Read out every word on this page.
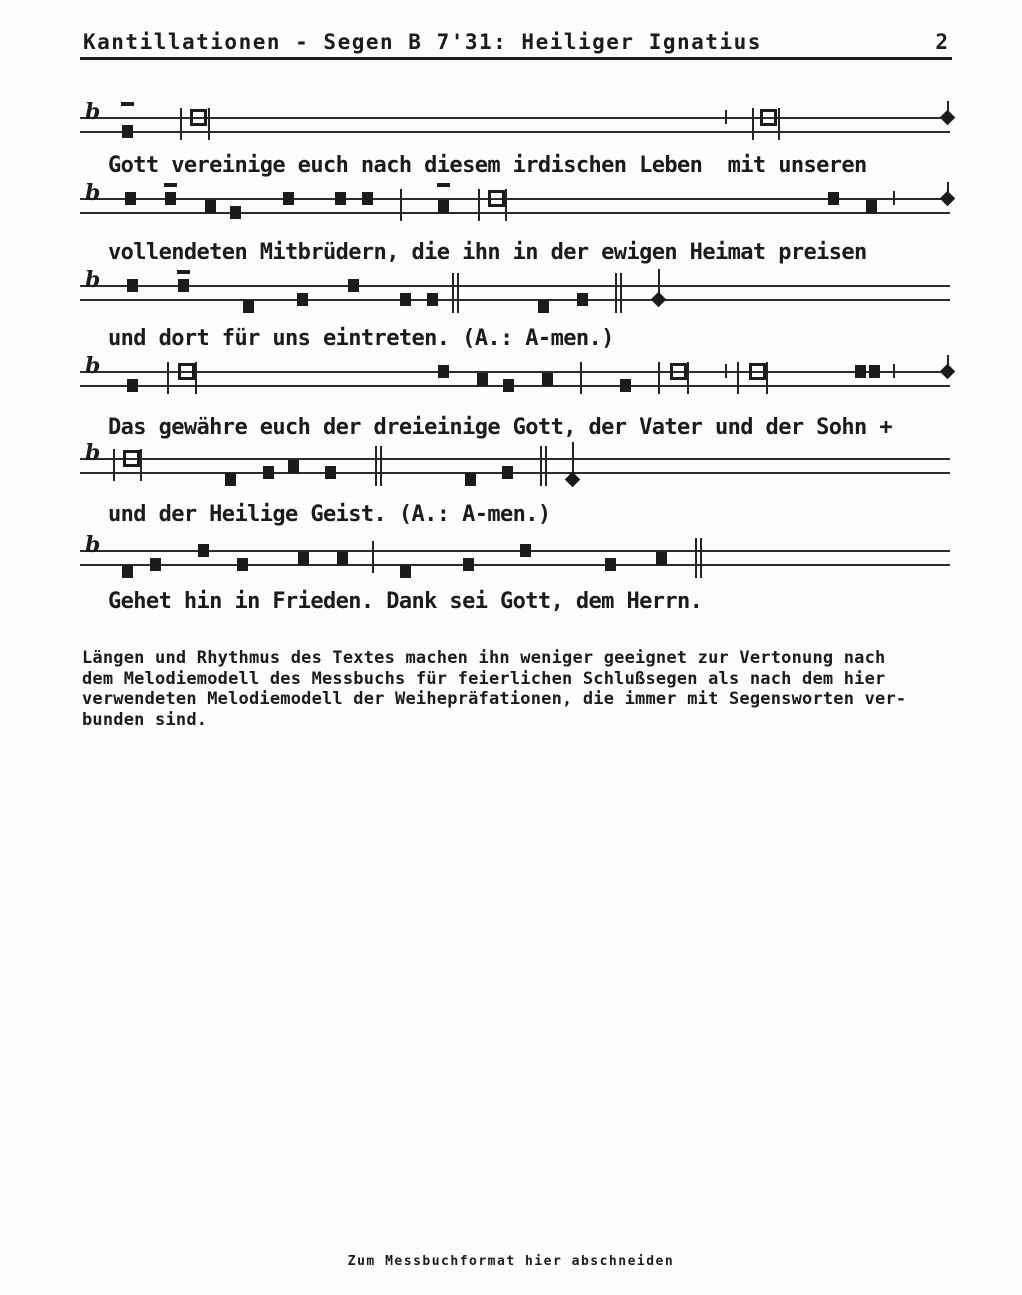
Kantillationen - Segen B 7'31: Heiliger Ignatius	2
b
Gott vereinige euch nach diesem irdischen Leben  mit unseren
b
vollendeten Mitbrüdern, die ihn in der ewigen Heimat preisen
b
und dort für uns eintreten. (A.: A-men.)
b
Das gewähre euch der dreieinige Gott, der Vater und der Sohn +
b
und der Heilige Geist. (A.: A-men.)
b
Gehet hin in Frieden. Dank sei Gott, dem Herrn.
Längen und Rhythmus des Textes machen ihn weniger geeignet zur Vertonung nach
dem Melodiemodell des Messbuchs für feierlichen Schlußsegen als nach dem hier
verwendeten Melodiemodell der Weihepräfationen, die immer mit Segensworten ver-
bunden sind.
Zum Messbuchformat hier abschneiden
